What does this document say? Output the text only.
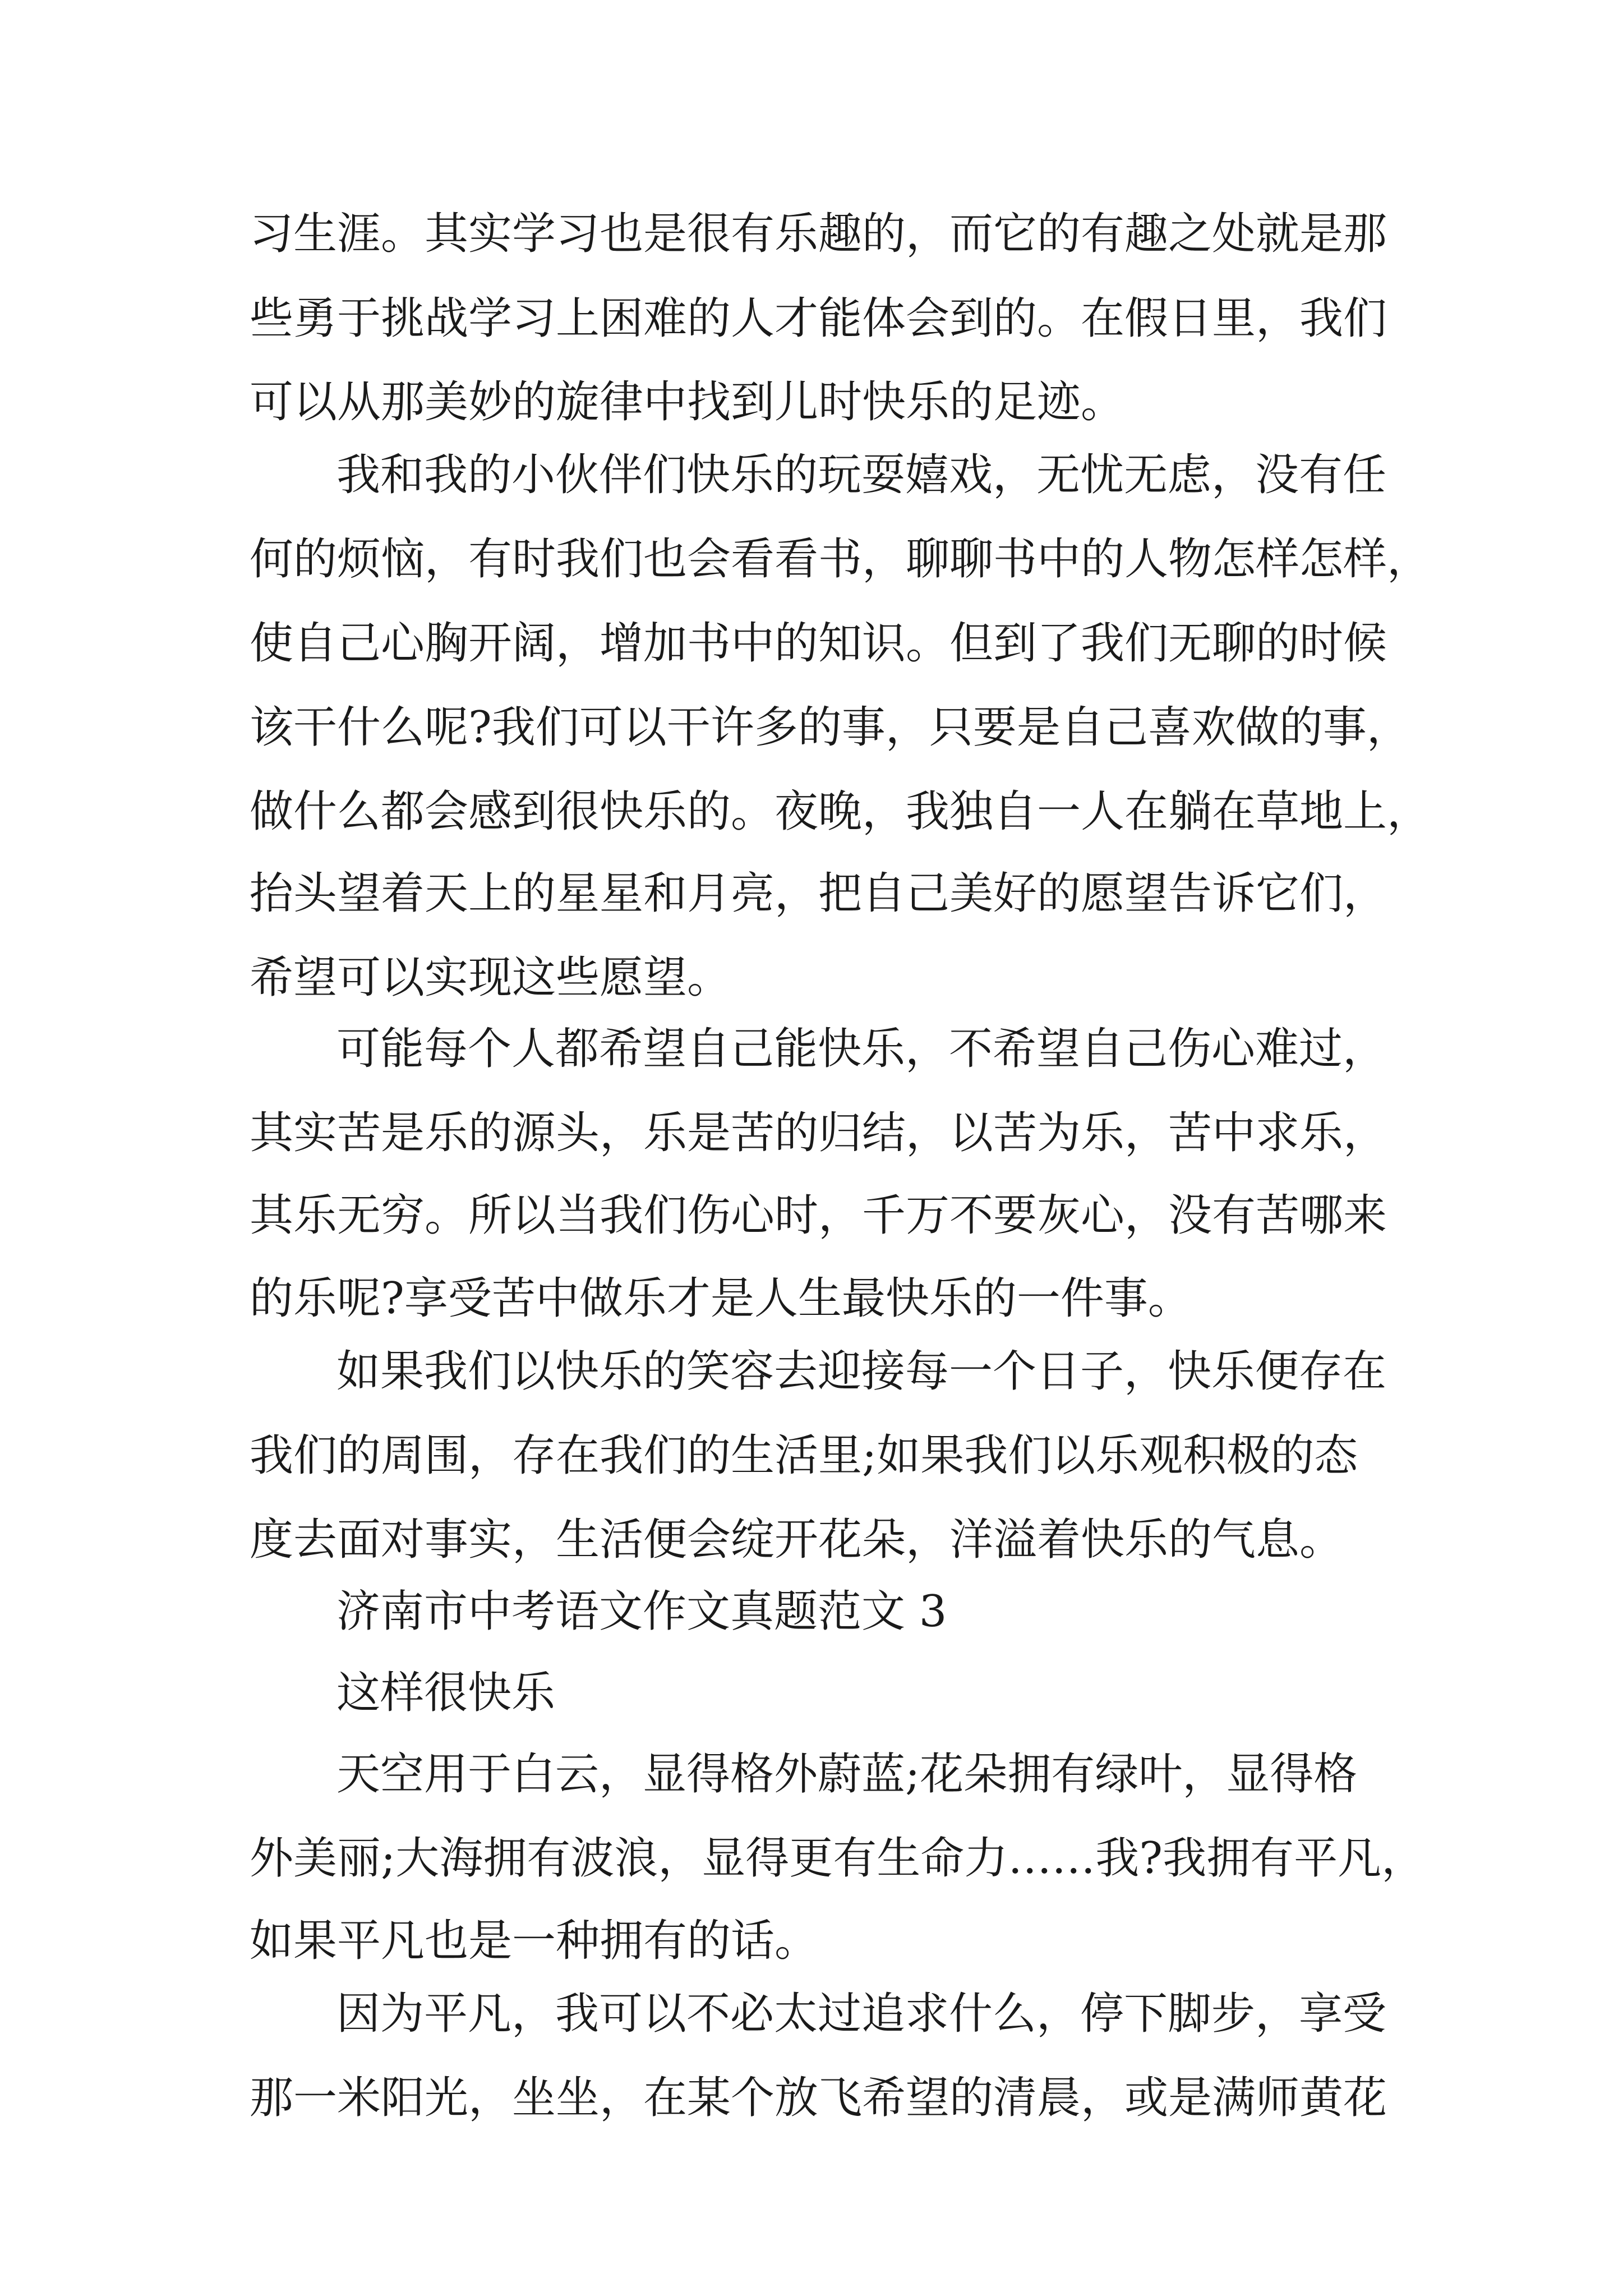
习生涯。其实学习也是很有乐趣的，而它的有趣之处就是那
些勇于挑战学习上困难的人才能体会到的。在假日里，我们
可以从那美妙的旋律中找到儿时快乐的足迹。
我和我的小伙伴们快乐的玩耍嬉戏，无忧无虑，没有任
何的烦恼，有时我们也会看看书，聊聊书中的人物怎样怎样，
使自己心胸开阔，增加书中的知识。但到了我们无聊的时候
该干什么呢?我们可以干许多的事，只要是自己喜欢做的事，
做什么都会感到很快乐的。夜晚，我独自一人在躺在草地上，
抬头望着天上的星星和月亮，把自己美好的愿望告诉它们，
希望可以实现这些愿望。
可能每个人都希望自己能快乐，不希望自己伤心难过，
其实苦是乐的源头，乐是苦的归结，以苦为乐，苦中求乐，
其乐无穷。所以当我们伤心时，千万不要灰心，没有苦哪来
的乐呢?享受苦中做乐才是人生最快乐的一件事。
如果我们以快乐的笑容去迎接每一个日子，快乐便存在
我们的周围，存在我们的生活里;如果我们以乐观积极的态
度去面对事实，生活便会绽开花朵，洋溢着快乐的气息。
济南市中考语文作文真题范文 3
这样很快乐
天空用于白云，显得格外蔚蓝;花朵拥有绿叶，显得格
外美丽;大海拥有波浪，显得更有生命力……我?我拥有平凡，
如果平凡也是一种拥有的话。
因为平凡，我可以不必太过追求什么，停下脚步，享受
那一米阳光，坐坐，在某个放飞希望的清晨，或是满师黄花
